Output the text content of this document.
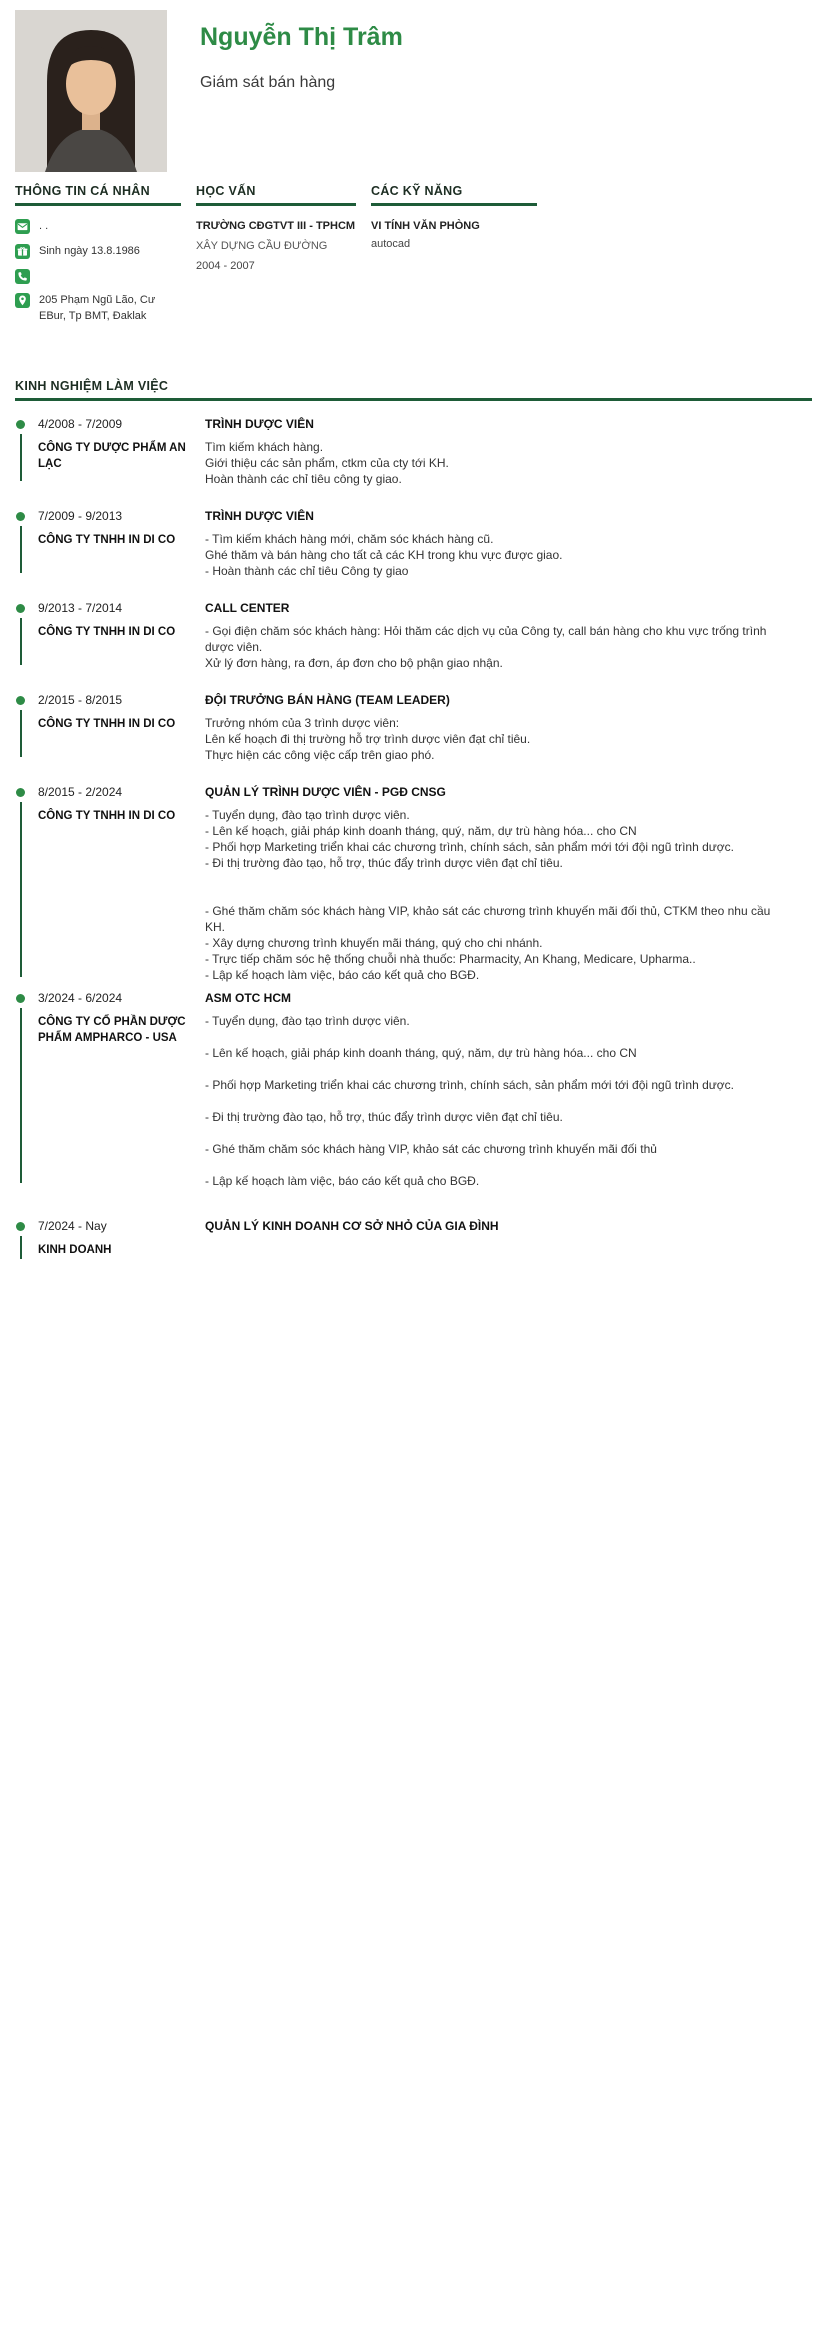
Nguyễn Thị Trâm
Giám sát bán hàng
THÔNG TIN CÁ NHÂN
. .
Sinh ngày 13.8.1986
205 Phạm Ngũ Lão, Cư EBur, Tp BMT, Đaklak
HỌC VẤN
TRƯỜNG CĐGTVT III - TPHCM
XÂY DỰNG CẦU ĐƯỜNG
2004 - 2007
CÁC KỸ NĂNG
VI TÍNH VĂN PHÒNG
autocad
KINH NGHIỆM LÀM VIỆC
4/2008 - 7/2009
CÔNG TY DƯỢC PHẨM AN LẠC
TRÌNH DƯỢC VIÊN
Tìm kiếm khách hàng.
Giới thiệu các sản phẩm, ctkm của cty tới KH.
Hoàn thành các chỉ tiêu công ty giao.
7/2009 - 9/2013
CÔNG TY TNHH IN DI CO
TRÌNH DƯỢC VIÊN
- Tìm kiếm khách hàng mới, chăm sóc khách hàng cũ.
Ghé thăm và bán hàng cho tất cả các KH trong khu vực được giao.
- Hoàn thành các chỉ tiêu Công ty giao
9/2013 - 7/2014
CÔNG TY TNHH IN DI CO
CALL CENTER
- Gọi điện chăm sóc khách hàng: Hỏi thăm các dịch vụ của Công ty, call bán hàng cho khu vực trống trình dược viên.
Xử lý đơn hàng, ra đơn, áp đơn cho bộ phận giao nhận.
2/2015 - 8/2015
CÔNG TY TNHH IN DI CO
ĐỘI TRƯỞNG BÁN HÀNG (TEAM LEADER)
Trưởng nhóm của 3 trình dược viên:
Lên kế hoạch đi thị trường hỗ trợ trình dược viên đạt chỉ tiêu.
Thực hiện các công việc cấp trên giao phó.
8/2015 - 2/2024
CÔNG TY TNHH IN DI CO
QUẢN LÝ TRÌNH DƯỢC VIÊN - PGĐ CNSG
- Tuyển dụng, đào tạo trình dược viên.
- Lên kế hoạch, giải pháp kinh doanh tháng, quý, năm, dự trù hàng hóa... cho CN
- Phối hợp Marketing triển khai các chương trình, chính sách, sản phẩm mới tới đội ngũ trình dược.
- Đi thị trường đào tạo, hỗ trợ, thúc đẩy trình dược viên đạt chỉ tiêu.
- Ghé thăm chăm sóc khách hàng VIP, khảo sát các chương trình khuyến mãi đối thủ, CTKM theo nhu cầu KH.
- Xây dựng chương trình khuyến mãi tháng, quý cho chi nhánh.
- Trực tiếp chăm sóc hệ thống chuỗi nhà thuốc: Pharmacity, An Khang, Medicare, Upharma..
- Lập kế hoạch làm việc, báo cáo kết quả cho BGĐ.
3/2024 - 6/2024
CÔNG TY CỔ PHẦN DƯỢC PHẨM AMPHARCO - USA
ASM OTC HCM
- Tuyển dụng, đào tạo trình dược viên.
- Lên kế hoạch, giải pháp kinh doanh tháng, quý, năm, dự trù hàng hóa... cho CN
- Phối hợp Marketing triển khai các chương trình, chính sách, sản phẩm mới tới đội ngũ trình dược.
- Đi thị trường đào tạo, hỗ trợ, thúc đẩy trình dược viên đạt chỉ tiêu.
- Ghé thăm chăm sóc khách hàng VIP, khảo sát các chương trình khuyến mãi đối thủ
- Lập kế hoạch làm việc, báo cáo kết quả cho BGĐ.
7/2024 - Nay
KINH DOANH
QUẢN LÝ KINH DOANH CƠ SỞ NHỎ CỦA GIA ĐÌNH
